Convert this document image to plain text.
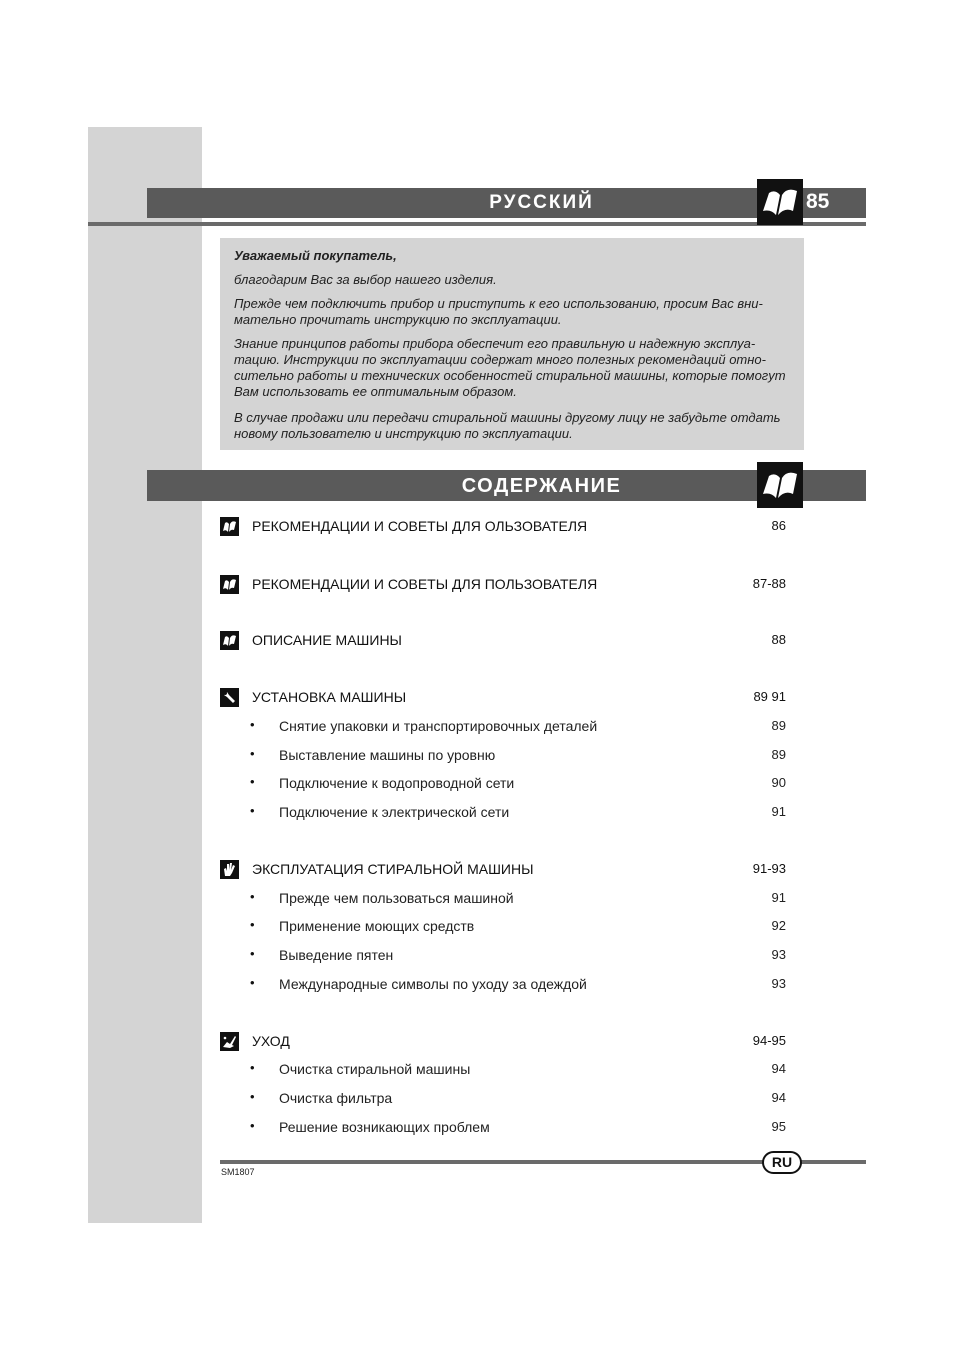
РУССКИЙ	85

Уважаемый покупатель,

благодарим Вас за выбор нашего изделия.

Прежде чем подключить прибор и приступить к его использованию, просим Вас вни-мательно прочитать инструкцию по эксплуатации.

Знание принципов работы прибора обеспечит его правильную и надежную эксплуа-тацию. Инструкции по эксплуатации содержат много полезных рекомендаций отно-сительно работы и технических особенностей стиральной машины, которые помогут Вам использовать ее оптимальным образом.

В случае продажи или передачи стиральной машины другому лицу не забудьте отдать новому пользователю и инструкцию по эксплуатации.

СОДЕРЖАНИЕ
РЕКОМЕНДАЦИИ И СОВЕТЫ ДЛЯ ОЛЬЗОВАТЕЛЯ	86
РЕКОМЕНДАЦИИ И СОВЕТЫ ДЛЯ ПОЛЬЗОВАТЕЛЯ	87-88
ОПИСАНИЕ МАШИНЫ	88
УСТАНОВКА МАШИНЫ	89 91
• Снятие упаковки и транспортировочных деталей	89
• Выставление машины по уровню	89
• Подключение к водопроводной сети	90
• Подключение к электрической сети	91
ЭКСПЛУАТАЦИЯ СТИРАЛЬНОЙ МАШИНЫ	91-93
• Прежде чем пользоваться машиной	91
• Применение моющих средств	92
• Выведение пятен	93
• Международные символы по уходу за одеждой	93
УХОД	94-95
• Очистка стиральной машины	94
• Очистка фильтра	94
• Решение возникающих проблем	95
SM1807
RU
